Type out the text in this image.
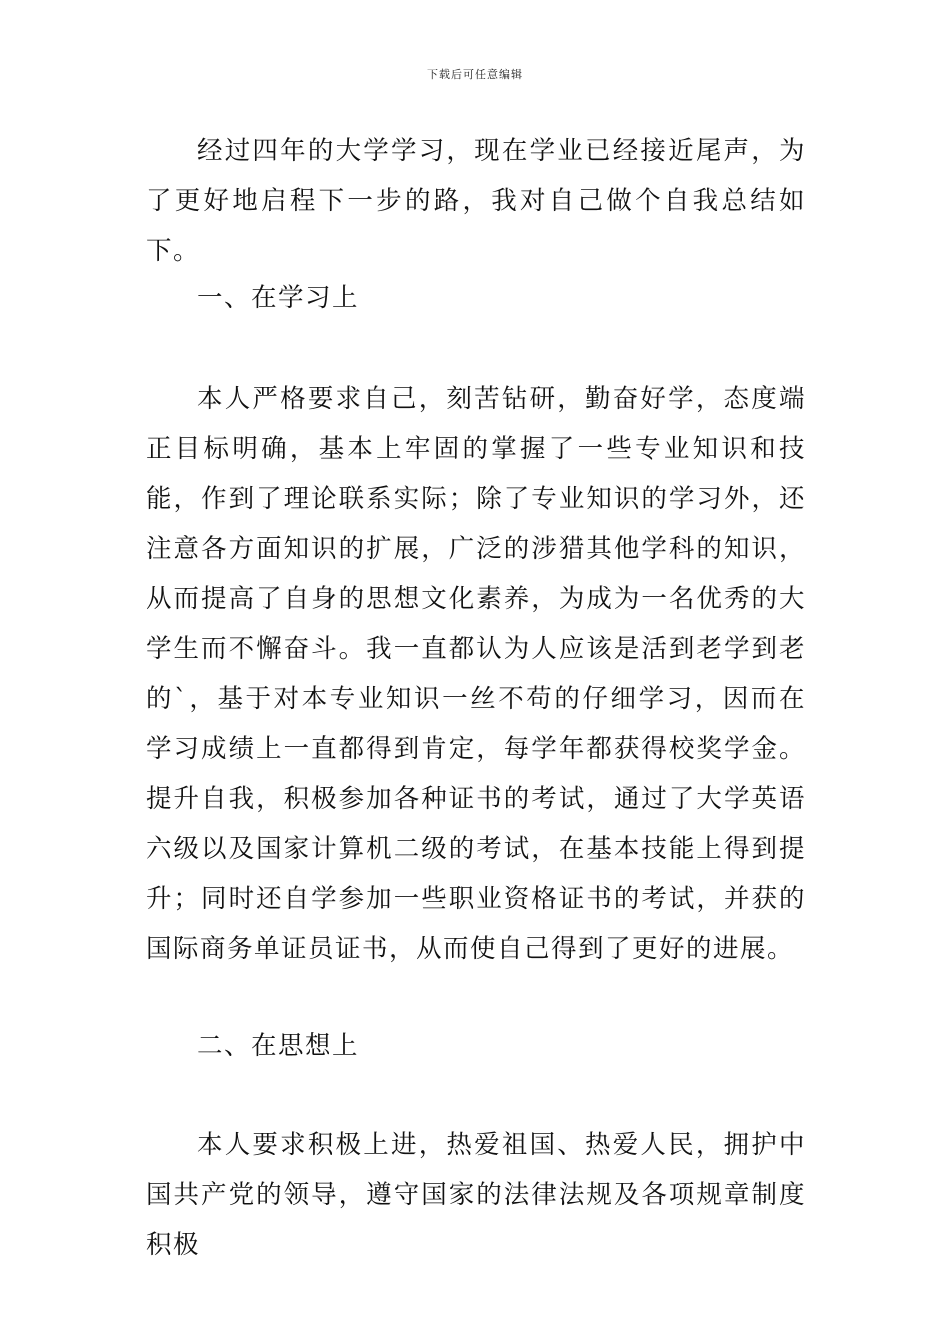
下载后可任意编辑

经过四年的大学学习，现在学业已经接近尾声，为了更好地启程下一步的路，我对自己做个自我总结如下。

一、在学习上

本人严格要求自己，刻苦钻研，勤奋好学，态度端正目标明确，基本上牢固的掌握了一些专业知识和技能，作到了理论联系实际；除了专业知识的学习外，还注意各方面知识的扩展，广泛的涉猎其他学科的知识，从而提高了自身的思想文化素养，为成为一名优秀的大学生而不懈奋斗。我一直都认为人应该是活到老学到老的`，基于对本专业知识一丝不苟的仔细学习，因而在学习成绩上一直都得到肯定，每学年都获得校奖学金。提升自我，积极参加各种证书的考试，通过了大学英语六级以及国家计算机二级的考试，在基本技能上得到提升；同时还自学参加一些职业资格证书的考试，并获的国际商务单证员证书，从而使自己得到了更好的进展。

二、在思想上

本人要求积极上进，热爱祖国、热爱人民，拥护中国共产党的领导，遵守国家的法律法规及各项规章制度积极
